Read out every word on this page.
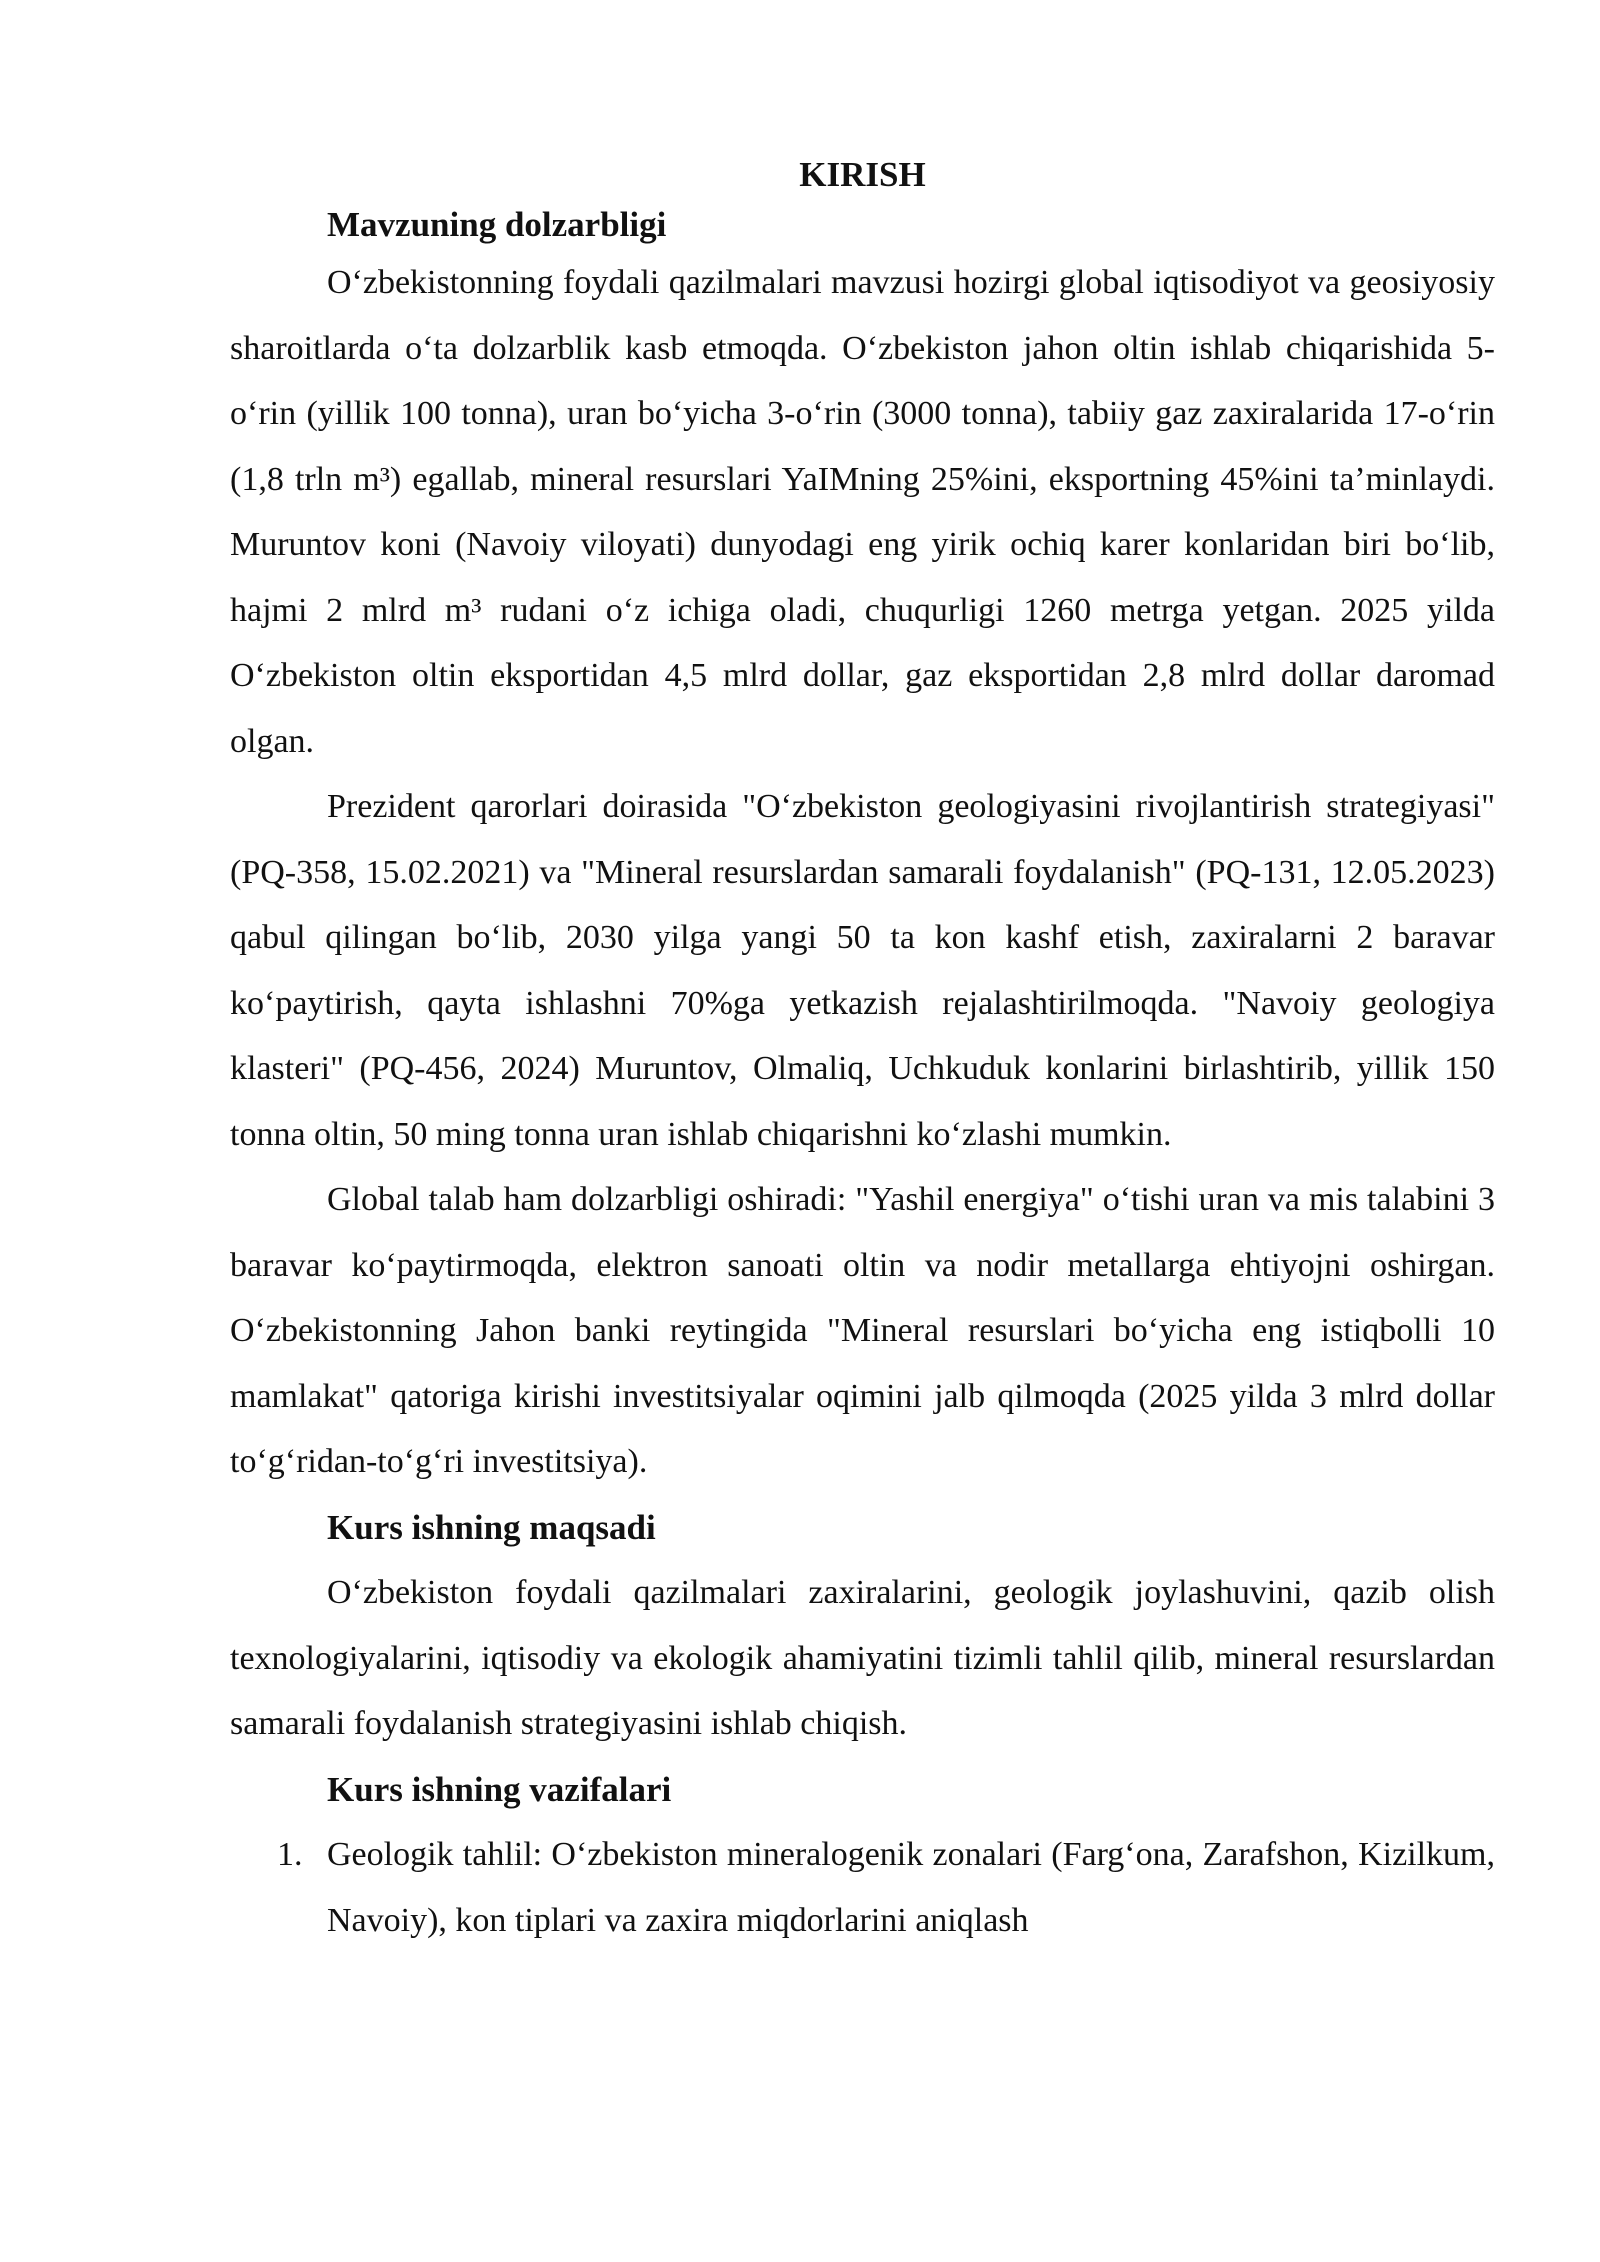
KIRISH
Mavzuning dolzarbligi

O‘zbekistonning foydali qazilmalari mavzusi hozirgi global iqtisodiyot va geosiyosiy sharoitlarda o‘ta dolzarblik kasb etmoqda. O‘zbekiston jahon oltin ishlab chiqarishida 5-o‘rin (yillik 100 tonna), uran bo‘yicha 3-o‘rin (3000 tonna), tabiiy gaz zaxiralarida 17-o‘rin (1,8 trln m³) egallab, mineral resurslari YaIMning 25%ini, eksportning 45%ini ta’minlaydi. Muruntov koni (Navoiy viloyati) dunyodagi eng yirik ochiq karer konlaridan biri bo‘lib, hajmi 2 mlrd m³ rudani o‘z ichiga oladi, chuqurligi 1260 metrga yetgan. 2025 yilda O‘zbekiston oltin eksportidan 4,5 mlrd dollar, gaz eksportidan 2,8 mlrd dollar daromad olgan.

Prezident qarorlari doirasida "O‘zbekiston geologiyasini rivojlantirish strategiyasi" (PQ-358, 15.02.2021) va "Mineral resurslardan samarali foydalanish" (PQ-131, 12.05.2023) qabul qilingan bo‘lib, 2030 yilga yangi 50 ta kon kashf etish, zaxiralarni 2 baravar ko‘paytirish, qayta ishlashni 70%ga yetkazish rejalashtirilmoqda. "Navoiy geologiya klasteri" (PQ-456, 2024) Muruntov, Olmaliq, Uchkuduk konlarini birlashtirib, yillik 150 tonna oltin, 50 ming tonna uran ishlab chiqarishni ko‘zlashi mumkin.

Global talab ham dolzarbligi oshiradi: "Yashil energiya" o‘tishi uran va mis talabini 3 baravar ko‘paytirmoqda, elektron sanoati oltin va nodir metallarga ehtiyojni oshirgan. O‘zbekistonning Jahon banki reytingida "Mineral resurslari bo‘yicha eng istiqbolli 10 mamlakat" qatoriga kirishi investitsiyalar oqimini jalb qilmoqda (2025 yilda 3 mlrd dollar to‘g‘ridan-to‘g‘ri investitsiya).

Kurs ishning maqsadi

O‘zbekiston foydali qazilmalari zaxiralarini, geologik joylashuvini, qazib olish texnologiyalarini, iqtisodiy va ekologik ahamiyatini tizimli tahlil qilib, mineral resurslardan samarali foydalanish strategiyasini ishlab chiqish.

Kurs ishning vazifalari
1. Geologik tahlil: O‘zbekiston mineralogenik zonalari (Farg‘ona, Zarafshon, Kizilkum, Navoiy), kon tiplari va zaxira miqdorlarini aniqlash
